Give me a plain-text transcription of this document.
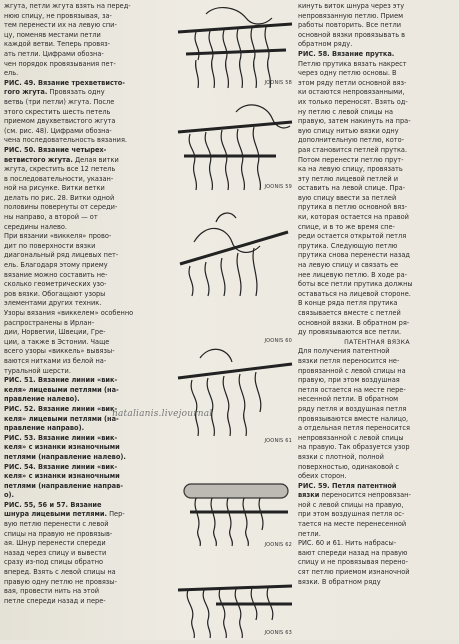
жгута, петли жгута взять на перед-
нюю спицу, не провязывая, за-
тем перенести их на левую спи-
цу, поменяв местами петли
каждой ветви. Теперь провяз-
ать петли. Цифрами обозна-
чен порядок провязывания пет-
ель.

РИС. 49. Вязание трехветвисто-
гого жгута. Провязать одну
ветвь (три петли) жгута. После
этого скрестить шесть петель
приемом двухветвистого жгута
(см. рис. 48). Цифрами обозна-
чена последовательность вязания.

РИС. 50. Вязание четырех-
ветвистого жгута. Делая витки
жгута, скрестить все 12 петель
в последовательности, указан-
ной на рисунке. Витки ветки
делать по рис. 28. Витки одной
половины повернуты от середи-
ны направо, а второй — от
середины налево.

При вязании «виккеля» прово-
дит по поверхности вязки
диагональный ряд лицевых пет-
ель. Благодаря этому приему
вязание можно составить не-
сколько геометрических узо-
ров вязки. Обогащают узоры
элементами других техник.
Узоры вязания «виккелем» особенно
распространены в Ирлан-
дии, Норвегии, Швеции, Гре-
ции, а также в Эстонии. Чаще
всего узоры «виккель» вывязы-
ваются нитками из белой на-
туральной шерсти.

РИС. 51. Вязание линии «вик-
келя» лицевыми петлями (на-
правление налево).

РИС. 52. Вязание линии «вик-
келя» лицевыми петлями (на-
правление направо).

РИС. 53. Вязание линии «вик-
келя» с изнанки изнаночными
петлями (направление налево).

РИС. 54. Вязание линии «вик-
келя» с изнанки изнаночными
петлями (направление направ-
о).

РИС. 55, 56 и 57. Вязание
шнура лицевыми петлями. Пер-
вую петлю перенести с левой
спицы на правую не провязыв-
ая. Шнур перенести спереди
назад через спицу и вывести
сразу из-под спицы обратно
вперед. Взять с левой спицы на
правую одну петлю не провязы-
вая, провести нить на этой
петле спереди назад и пере-

JOONIS 58
JOONIS 59
JOONIS 60
JOONIS 61
JOONIS 62
JOONIS 63

кинуть виток шнура через эту
непровязанную петлю. Прием
работы повторить. Все петли
основной вязки провязывать в
обратном ряду.

РИС. 58. Вязание прутка.
Петлю прутика вязать накрест
через одну петлю основы. В
этом ряду петли основной вяз-
ки остаются непровязанными,
их только переносят. Взять од-
ну петлю с левой спицы на
правую, затем накинуть на пра-
вую спицу нитью вязки одну
дополнительную петлю, кото-
рая становится петлей прутка.
Потом перенести петлю прут-
ка на левую спицу, провязать
эту петлю лицевой петлей и
оставить на левой спице. Пра-
вую спицу ввести за петлей
прутика в петлю основной вяз-
ки, которая остается на правой
спице, и в то же время спе-
реди остается открытой петля
прутика. Следующую петлю
прутика снова перенести назад
на левую спицу и связать ее
нее лицевую петлю. В ходе ра-
боты все петли прутика должны
оставаться на лицевой стороне.
В конце ряда петля прутика
связывается вместе с петлей
основной вязки. В обратном ря-
ду провязываются все петли.

ПАТЕНТНАЯ ВЯЗКА

Для получения патентной
вязки петля переносится не-
провязанной с левой спицы на
правую, при этом воздушная
петля остается на месте пере-
несенной петли. В обратном
ряду петля и воздушная петля
провязываются вместе налицо,
а отдельная петля переносится
непровязанной с левой спицы
на правую. Так образуется узор
вязки с плотной, полной
поверхностью, одинаковой с
обеих сторон.

РИС. 59. Петля патентной
вязки переносится непровязан-
ной с левой спицы на правую,
при этом воздушная петля ос-
тается на месте перенесенной
петли.

РИС. 60 и 61. Нить набрасы-
вают спереди назад на правую
спицу и не провязывая перено-
сят петлю приемом изнаночной
вязки. В обратном ряду

natalianis.livejournal
